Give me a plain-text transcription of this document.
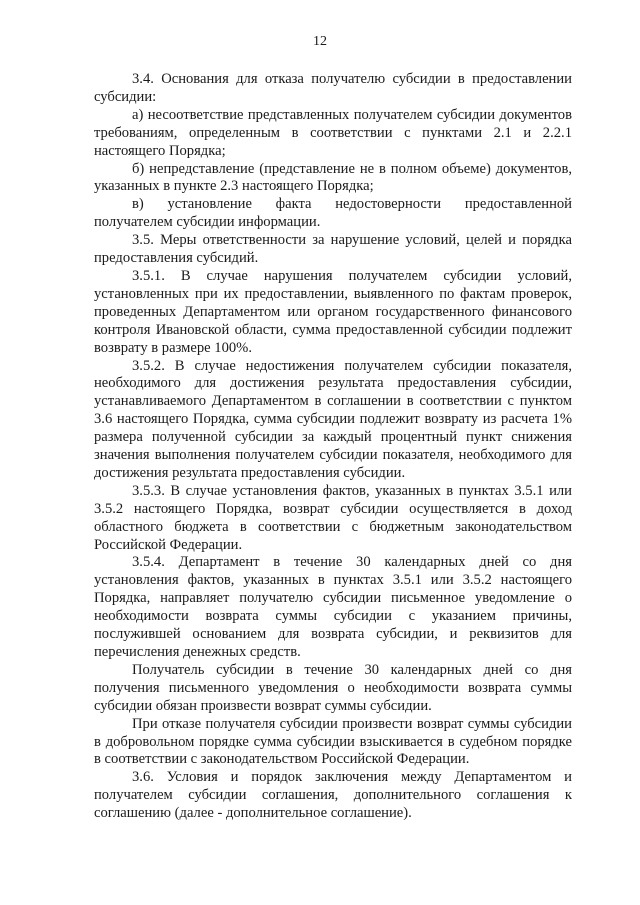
12

3.4. Основания для отказа получателю субсидии в предоставлении субсидии:

а) несоответствие представленных получателем субсидии документов требованиям, определенным в соответствии с пунктами 2.1 и 2.2.1 настоящего Порядка;

б) непредставление (представление не в полном объеме) документов, указанных в пункте 2.3 настоящего Порядка;

в) установление факта недостоверности предоставленной получателем субсидии информации.

3.5. Меры ответственности за нарушение условий, целей и порядка предоставления субсидий.

3.5.1. В случае нарушения получателем субсидии условий, установленных при их предоставлении, выявленного по фактам проверок, проведенных Департаментом или органом государственного финансового контроля Ивановской области, сумма предоставленной субсидии подлежит возврату в размере 100%.

3.5.2. В случае недостижения получателем субсидии показателя, необходимого для достижения результата предоставления субсидии, устанавливаемого Департаментом в соглашении в соответствии с пунктом 3.6 настоящего Порядка, сумма субсидии подлежит возврату из расчета 1% размера полученной субсидии за каждый процентный пункт снижения значения выполнения получателем субсидии показателя, необходимого для достижения результата предоставления субсидии.

3.5.3. В случае установления фактов, указанных в пунктах 3.5.1 или 3.5.2 настоящего Порядка, возврат субсидии осуществляется в доход областного бюджета в соответствии с бюджетным законодательством Российской Федерации.

3.5.4. Департамент в течение 30 календарных дней со дня установления фактов, указанных в пунктах 3.5.1 или 3.5.2 настоящего Порядка, направляет получателю субсидии письменное уведомление о необходимости возврата суммы субсидии с указанием причины, послужившей основанием для возврата субсидии, и реквизитов для перечисления денежных средств.

Получатель субсидии в течение 30 календарных дней со дня получения письменного уведомления о необходимости возврата суммы субсидии обязан произвести возврат суммы субсидии.

При отказе получателя субсидии произвести возврат суммы субсидии в добровольном порядке сумма субсидии взыскивается в судебном порядке в соответствии с законодательством Российской Федерации.

3.6. Условия и порядок заключения между Департаментом и получателем субсидии соглашения, дополнительного соглашения к соглашению (далее - дополнительное соглашение).
